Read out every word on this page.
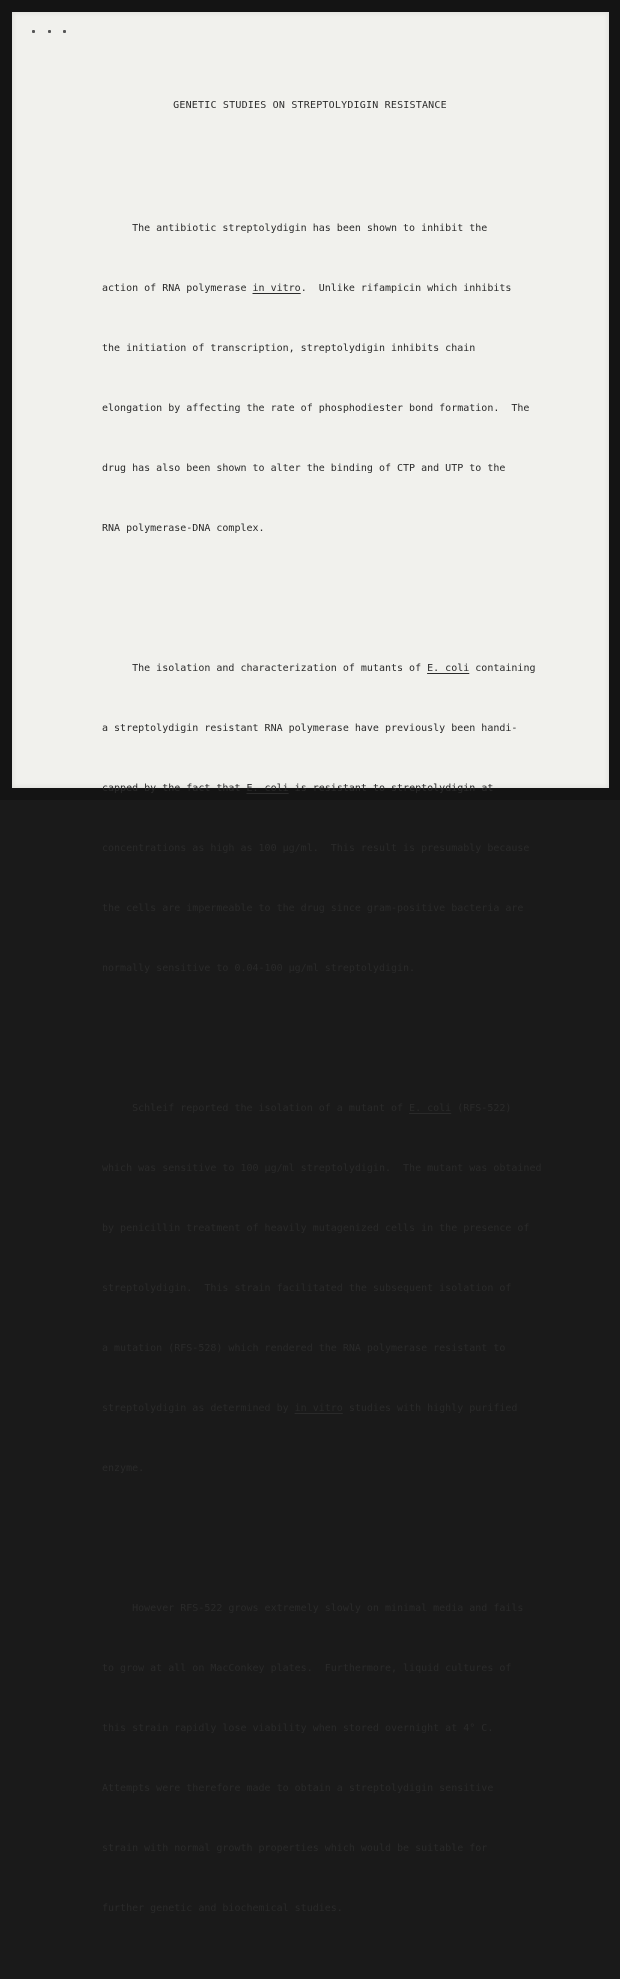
GENETIC STUDIES ON STREPTOLYDIGIN RESISTANCE

The antibiotic streptolydigin has been shown to inhibit the

action of RNA polymerase in vitro.  Unlike rifampicin which inhibits

the initiation of transcription, streptolydigin inhibits chain

elongation by affecting the rate of phosphodiester bond formation.  The

drug has also been shown to alter the binding of CTP and UTP to the

RNA polymerase-DNA complex.

The isolation and characterization of mutants of E. coli containing

a streptolydigin resistant RNA polymerase have previously been handi-

capped by the fact that E. coli is resistant to streptolydigin at

concentrations as high as 100 µg/ml.  This result is presumably because

the cells are impermeable to the drug since gram-positive bacteria are

normally sensitive to 0.04-100 µg/ml streptolydigin.

Schleif reported the isolation of a mutant of E. coli (RFS-522)

which was sensitive to 100 µg/ml streptolydigin.  The mutant was obtained

by penicillin treatment of heavily mutagenized cells in the presence of

streptolydigin.  This strain facilitated the subsequent isolation of

a mutation (RFS-528) which rendered the RNA polymerase resistant to

streptolydigin as determined by in vitro studies with highly purified

enzyme.

However RFS-522 grows extremely slowly on minimal media and fails

to grow at all on MacConkey plates.  Furthermore, liquid cultures of

this strain rapidly lose viability when stored overnight at 4° C.

Attempts were therefore made to obtain a streptolydigin sensitive

strain with normal growth properties which would be suitable for

further genetic and biochemical studies.
